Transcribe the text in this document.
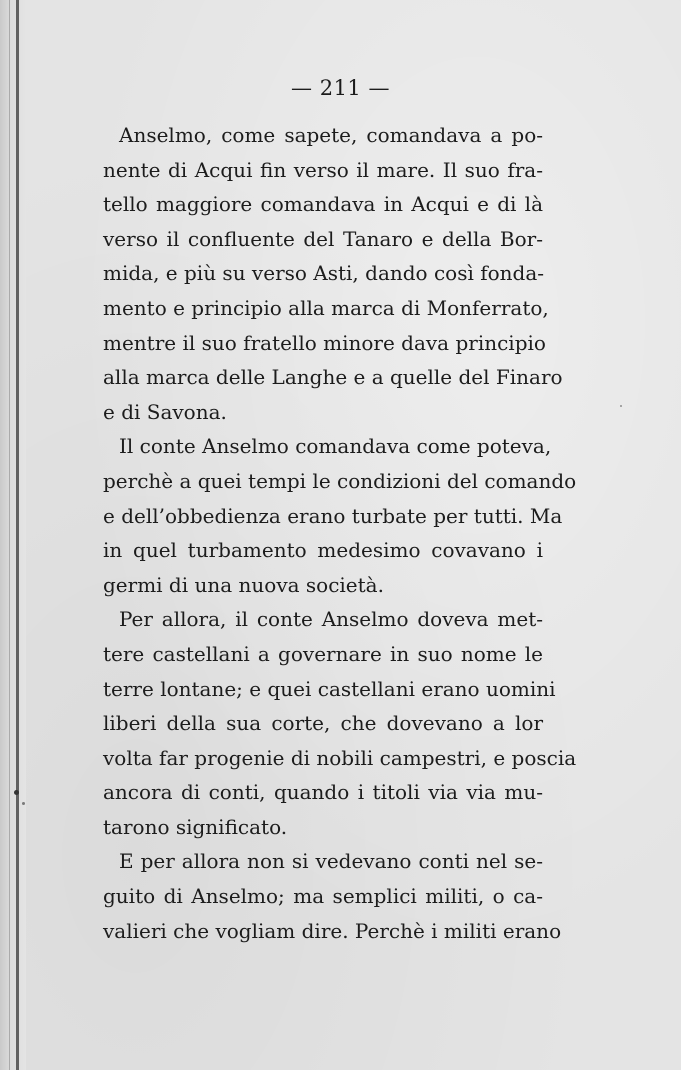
— 211 —
Anselmo, come sapete, comandava a po-
nente di Acqui fin verso il mare. Il suo fra-
tello maggiore comandava in Acqui e di là
verso il confluente del Tanaro e della Bor-
mida, e più su verso Asti, dando così fonda-
mento e principio alla marca di Monferrato,
mentre il suo fratello minore dava principio
alla marca delle Langhe e a quelle del Finaro
e di Savona.
Il conte Anselmo comandava come poteva,
perchè a quei tempi le condizioni del comando
e dell’obbedienza erano turbate per tutti. Ma
in quel turbamento medesimo covavano i
germi di una nuova società.
Per allora, il conte Anselmo doveva met-
tere castellani a governare in suo nome le
terre lontane; e quei castellani erano uomini
liberi della sua corte, che dovevano a lor
volta far progenie di nobili campestri, e poscia
ancora di conti, quando i titoli via via mu-
tarono significato.
E per allora non si vedevano conti nel se-
guito di Anselmo; ma semplici militi, o ca-
valieri che vogliam dire. Perchè i militi erano
